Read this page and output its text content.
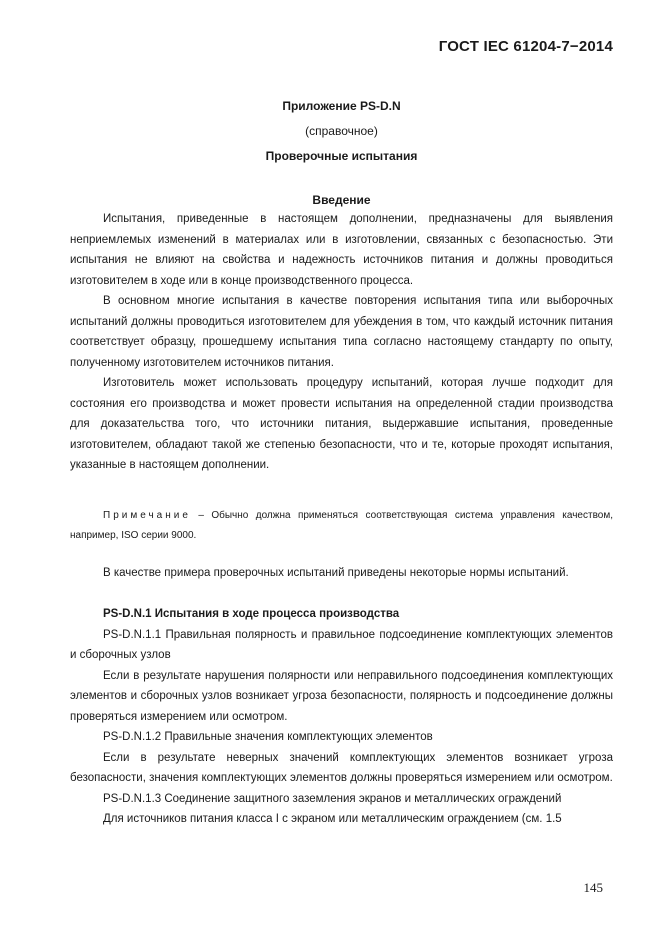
ГОСТ IEC 61204-7−2014
Приложение PS-D.N
(справочное)
Проверочные испытания
Введение

Испытания, приведенные в настоящем дополнении, предназначены для выявления неприемлемых изменений в материалах или в изготовлении, связанных с безопасностью. Эти испытания не влияют на свойства и надежность источников питания и должны проводиться изготовителем в ходе или в конце производственного процесса.

В основном многие испытания в качестве повторения испытания типа или выборочных испытаний должны проводиться изготовителем для убеждения в том, что каждый источник питания соответствует образцу, прошедшему испытания типа согласно настоящему стандарту по опыту, полученному изготовителем источников питания.

Изготовитель может использовать процедуру испытаний, которая лучше подходит для состояния его производства и может провести испытания на определенной стадии производства для доказательства того, что источники питания, выдержавшие испытания, проведенные изготовителем, обладают такой же степенью безопасности, что и те, которые проходят испытания, указанные в настоящем дополнении.

Примечание – Обычно должна применяться соответствующая система управления качеством, например, ISO серии 9000.

В качестве примера проверочных испытаний приведены некоторые нормы испытаний.

PS-D.N.1 Испытания в ходе процесса производства

PS-D.N.1.1 Правильная полярность и правильное подсоединение комплектующих элементов и сборочных узлов

Если в результате нарушения полярности или неправильного подсоединения комплектующих элементов и сборочных узлов возникает угроза безопасности, полярность и подсоединение должны проверяться измерением или осмотром.

PS-D.N.1.2 Правильные значения комплектующих элементов

Если в результате неверных значений комплектующих элементов возникает угроза безопасности, значения комплектующих элементов должны проверяться измерением или осмотром.

PS-D.N.1.3 Соединение защитного заземления экранов и металлических ограждений

Для источников питания класса I с экраном или металлическим ограждением (см. 1.5

145
